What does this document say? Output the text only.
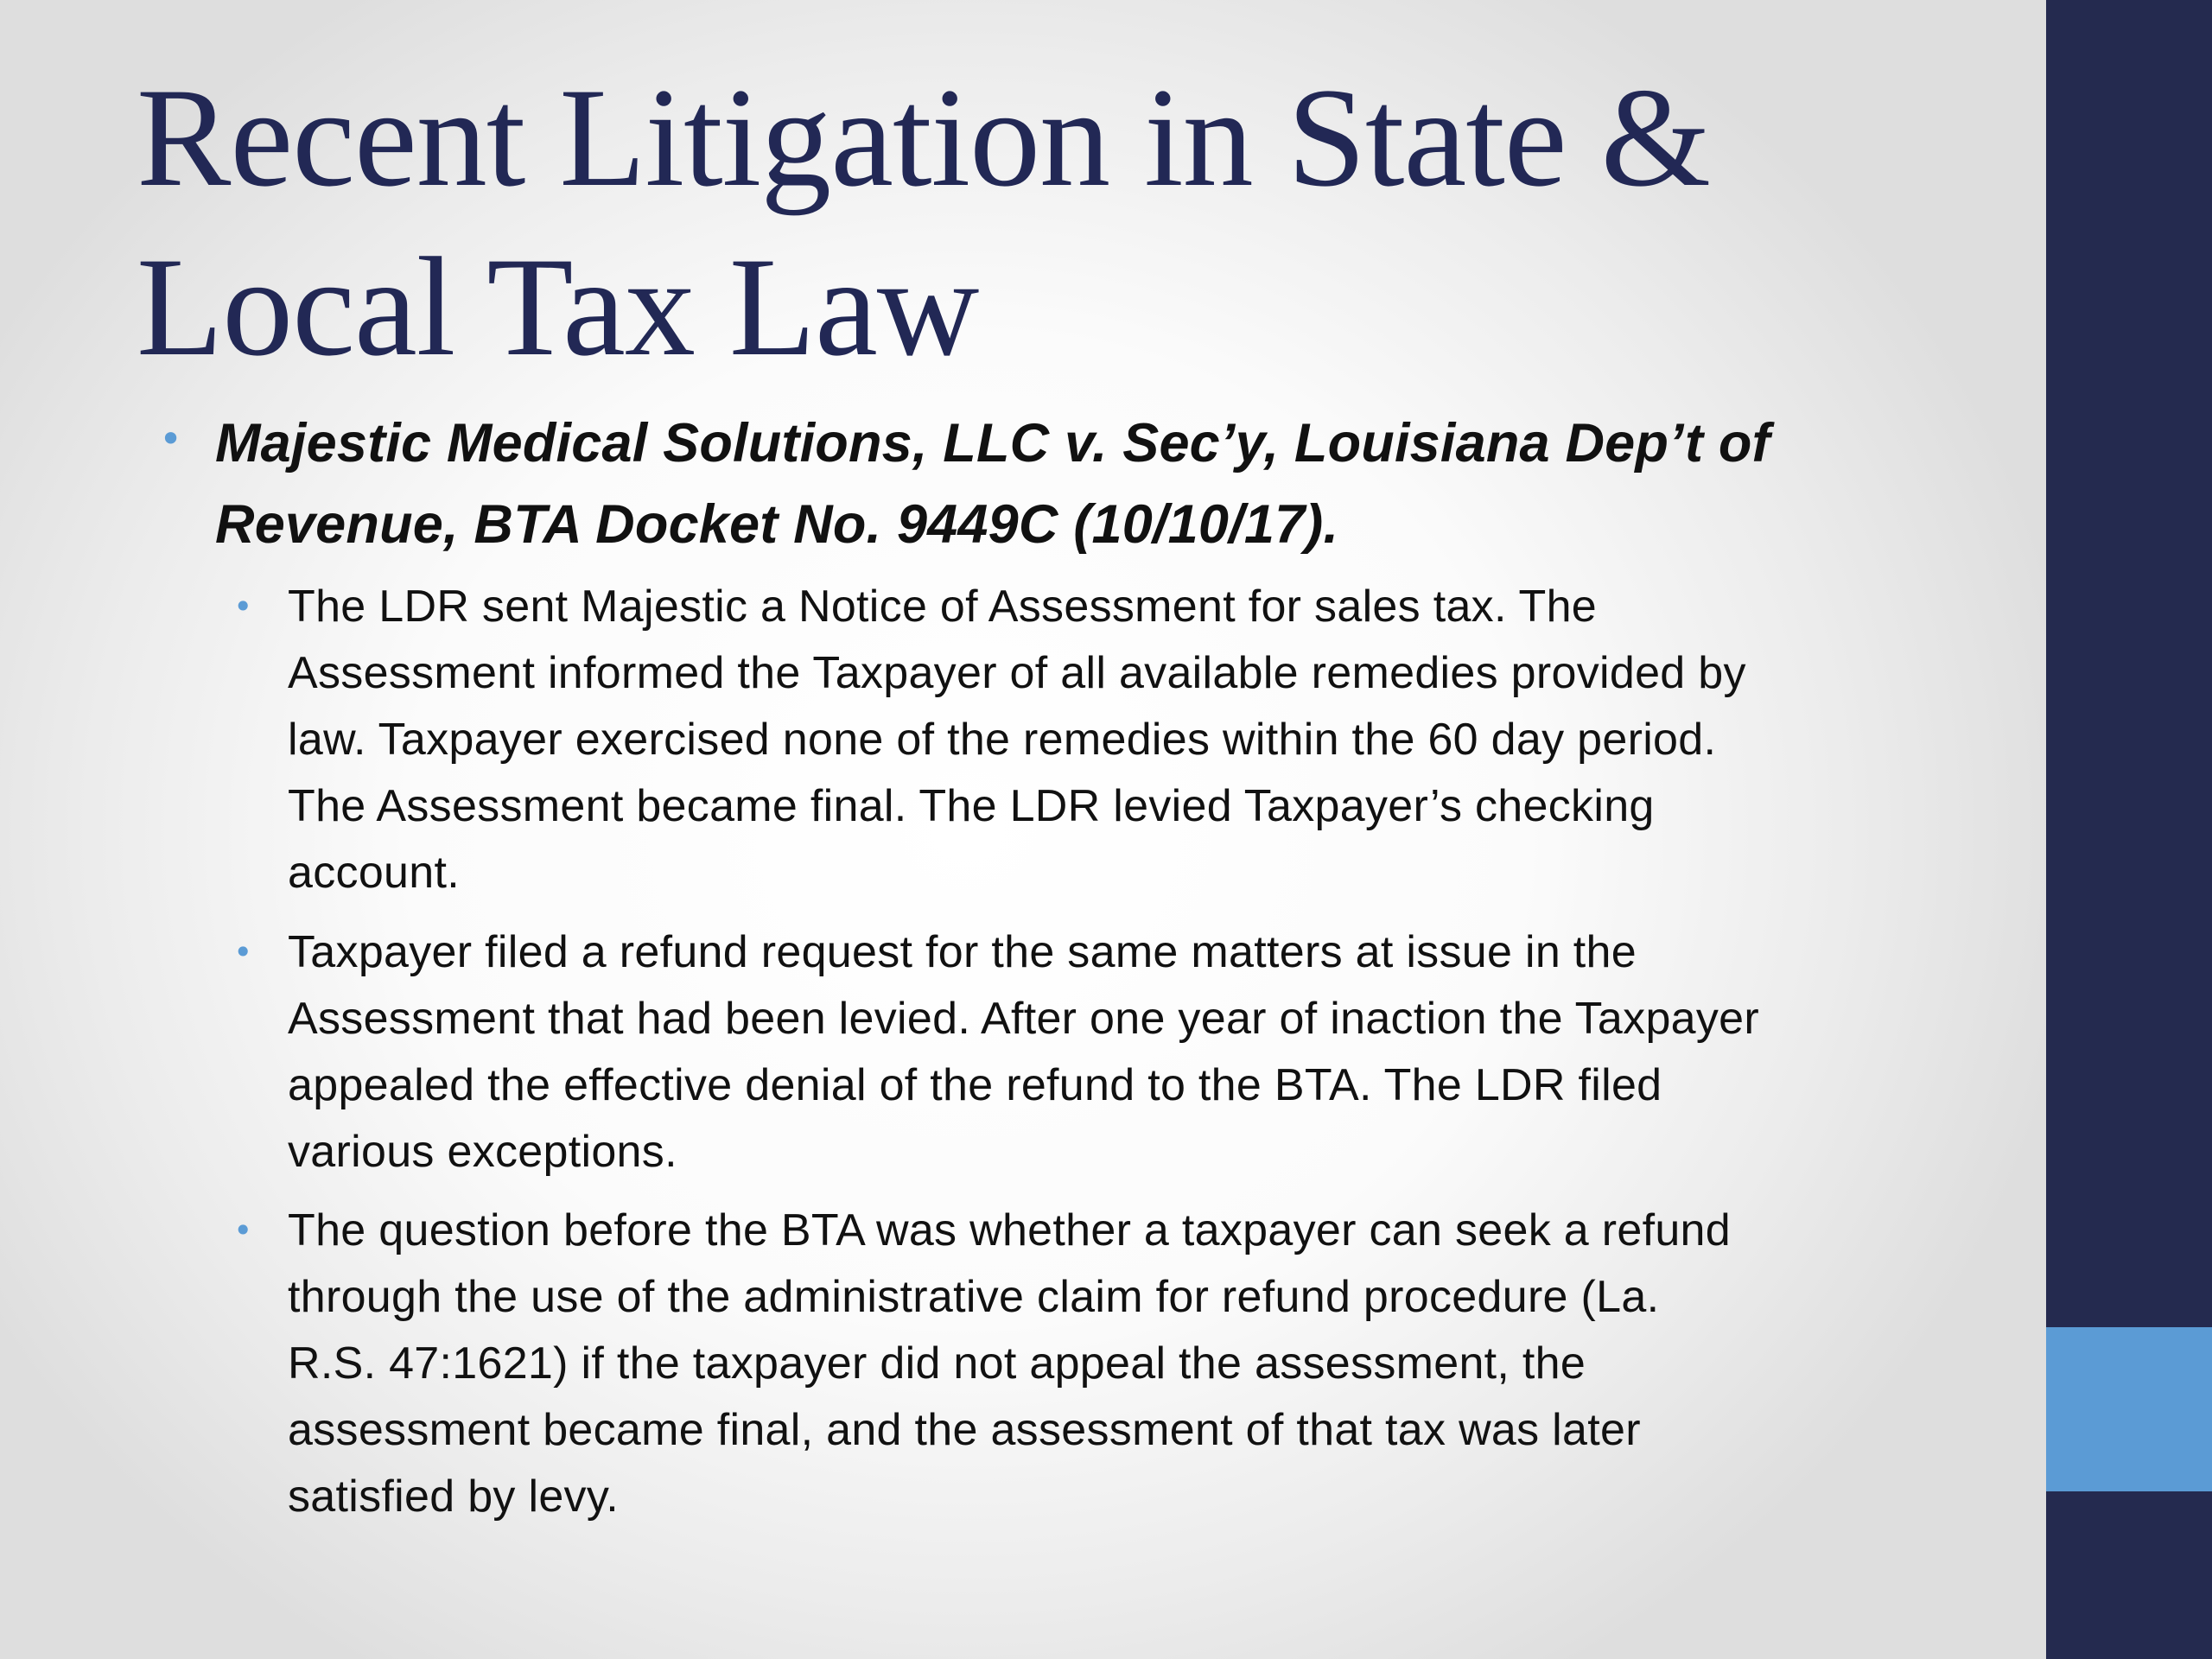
Recent Litigation in State &
Local Tax Law
• Majestic Medical Solutions, LLC v. Sec’y, Louisiana Dep’t of
Revenue, BTA Docket No. 9449C (10/10/17).

• The LDR sent Majestic a Notice of Assessment for sales tax. The
Assessment informed the Taxpayer of all available remedies provided by
law. Taxpayer exercised none of the remedies within the 60 day period.
The Assessment became final. The LDR levied Taxpayer’s checking
account.

• Taxpayer filed a refund request for the same matters at issue in the
Assessment that had been levied. After one year of inaction the Taxpayer
appealed the effective denial of the refund to the BTA. The LDR filed
various exceptions.

• The question before the BTA was whether a taxpayer can seek a refund
through the use of the administrative claim for refund procedure (La.
R.S. 47:1621) if the taxpayer did not appeal the assessment, the
assessment became final, and the assessment of that tax was later
satisfied by levy.
